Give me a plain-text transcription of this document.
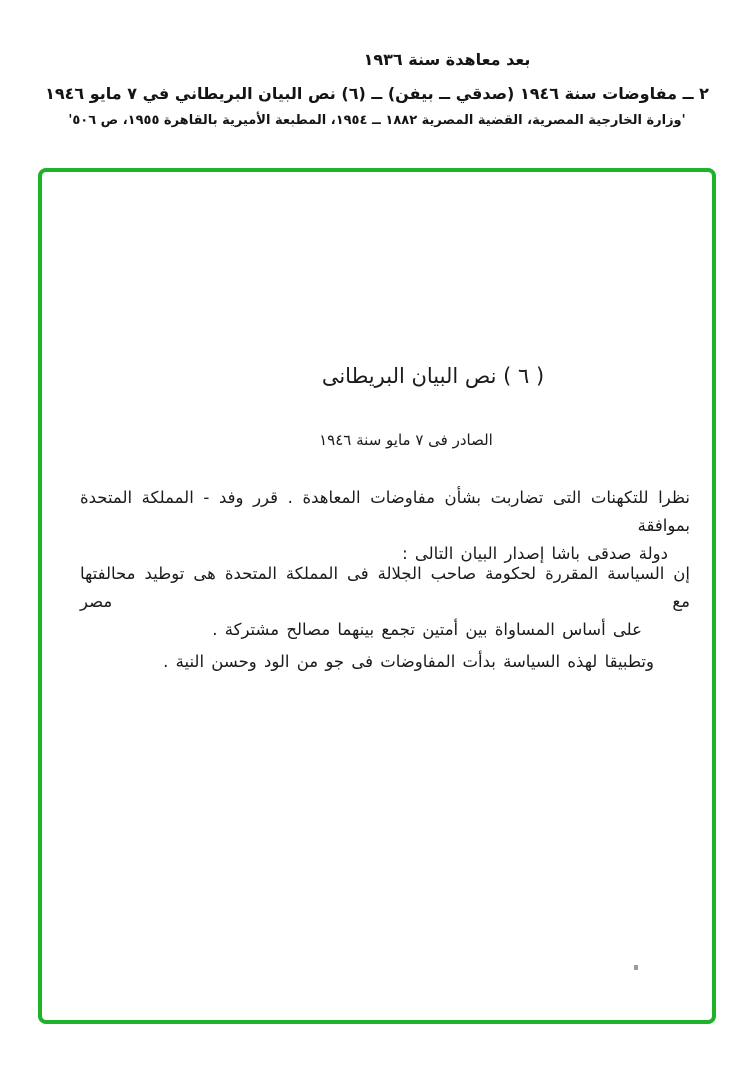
بعد معاهدة سنة ١٩٣٦
٢ ــ مفاوضات سنة ١٩٤٦ (صدقي ــ بيفن) ــ (٦) نص البيان البريطاني في ٧ مايو ١٩٤٦
'وزارة الخارجية المصرية، القضية المصرية ١٨٨٢ ــ ١٩٥٤، المطبعة الأميرية بالقاهرة ١٩٥٥، ص ٥٠٦'
( ٦ ) نص البيان البريطانى
الصادر فى ٧ مايو سنة ١٩٤٦
نظرا للتكهنات التى تضاربت بشأن مفاوضات المعاهدة . قرر وفد - المملكة المتحدة بموافقة
دولة صدقى باشا إصدار البيان التالى :
إن السياسة المقررة لحكومة صاحب الجلالة فى المملكة المتحدة هى توطيد محالفتها مع مصر
على أساس المساواة بين أمتين تجمع بينهما مصالح مشتركة .
وتطبيقا لهذه السياسة بدأت المفاوضات فى جو من الود وحسن النية .
